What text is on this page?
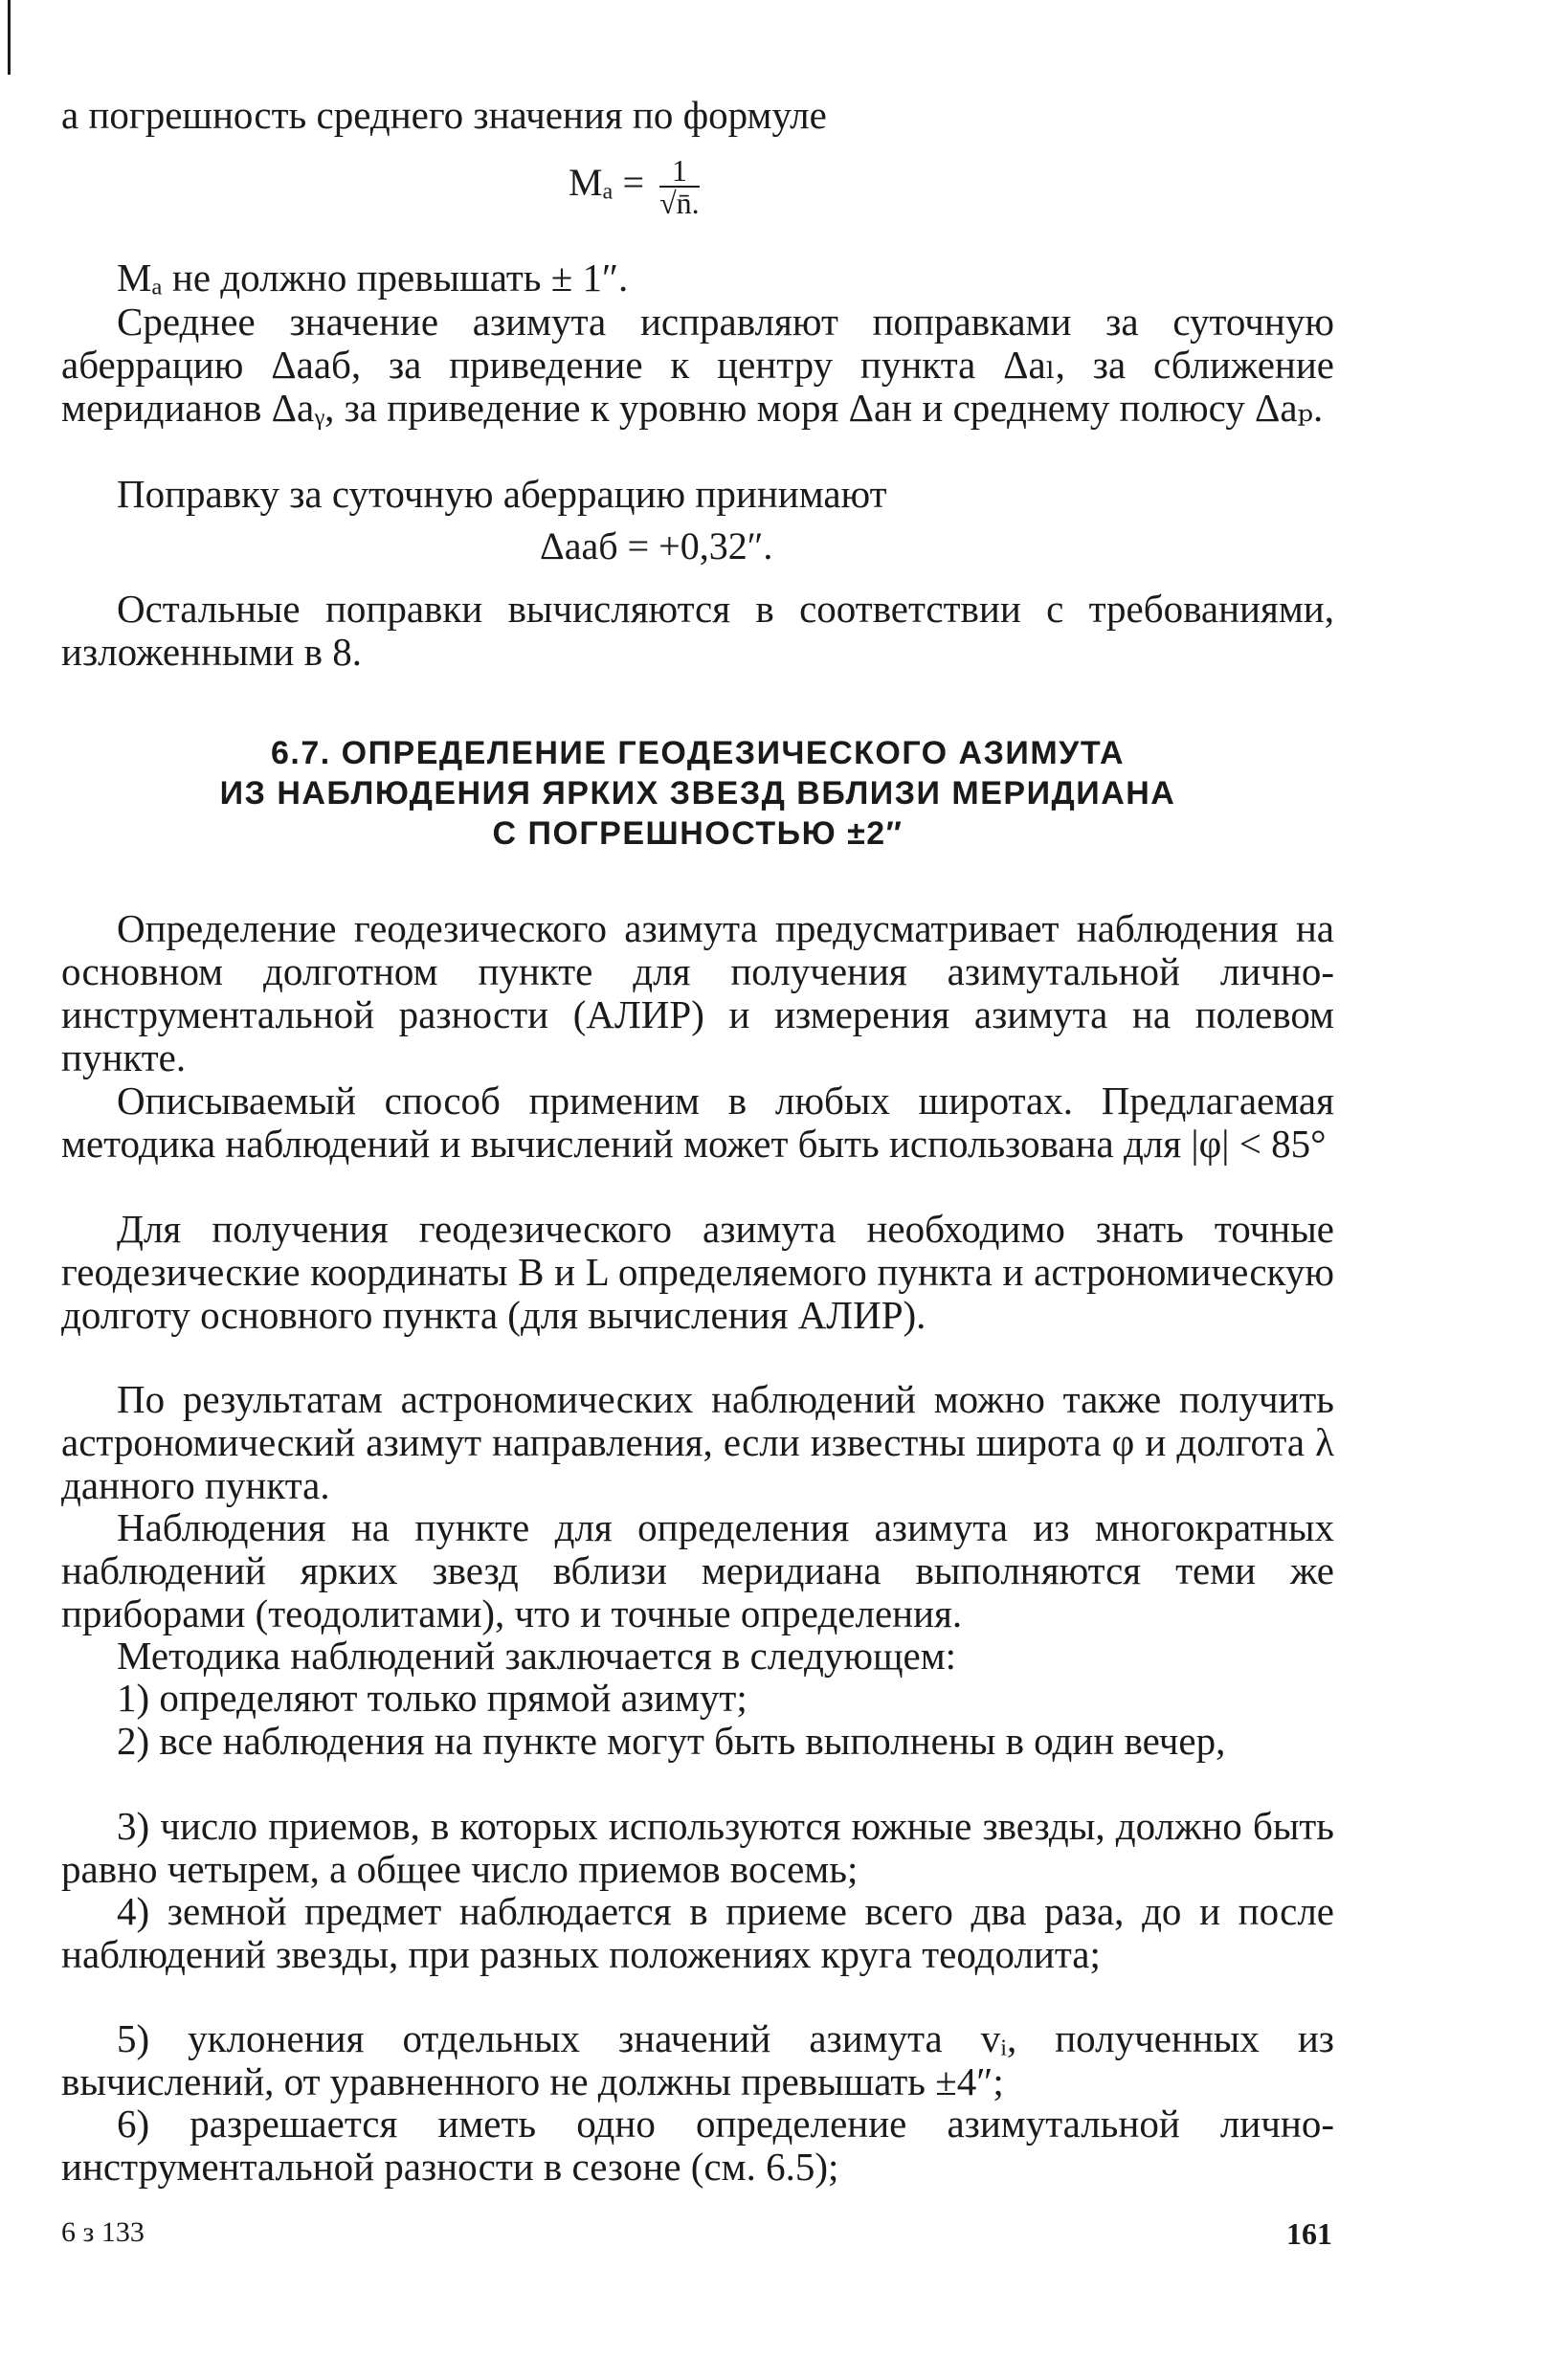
а погрешность среднего значения по формуле

$M_a = \frac{1}{√n̄.}$

Mₐ не должно превышать ± 1″.

Среднее значение азимута исправляют поправками за суточную аберрацию Δaаб, за приведение к центру пункта Δaₗ, за сближение меридианов Δaᵧ, за приведение к уровню моря Δaн и среднему полюсу Δaₚ.

Поправку за суточную аберрацию принимают

Δaаб = +0,32″.

Остальные поправки вычисляются в соответствии с требованиями, изложенными в 8.

6.7. ОПРЕДЕЛЕНИЕ ГЕОДЕЗИЧЕСКОГО АЗИМУТА
ИЗ НАБЛЮДЕНИЯ ЯРКИХ ЗВЕЗД ВБЛИЗИ МЕРИДИАНА
С ПОГРЕШНОСТЬЮ ±2″

Определение геодезического азимута предусматривает наблюдения на основном долготном пункте для получения азимутальной лично-инструментальной разности (АЛИР) и измерения азимута на полевом пункте.

Описываемый способ применим в любых широтах. Предлагаемая методика наблюдений и вычислений может быть использована для |φ| < 85°

Для получения геодезического азимута необходимо знать точные геодезические координаты B и L определяемого пункта и астрономическую долготу основного пункта (для вычисления АЛИР).

По результатам астрономических наблюдений можно также получить астрономический азимут направления, если известны широта φ и долгота λ данного пункта.

Наблюдения на пункте для определения азимута из многократных наблюдений ярких звезд вблизи меридиана выполняются теми же приборами (теодолитами), что и точные определения.

Методика наблюдений заключается в следующем:

1) определяют только прямой азимут;

2) все наблюдения на пункте могут быть выполнены в один вечер,

3) число приемов, в которых используются южные звезды, должно быть равно четырем, а общее число приемов восемь;

4) земной предмет наблюдается в приеме всего два раза, до и после наблюдений звезды, при разных положениях круга теодолита;

5) уклонения отдельных значений азимута vᵢ, полученных из вычислений, от уравненного не должны превышать ±4″;

6) разрешается иметь одно определение азимутальной лично-инструментальной разности в сезоне (см. 6.5);

6 з 133	161
